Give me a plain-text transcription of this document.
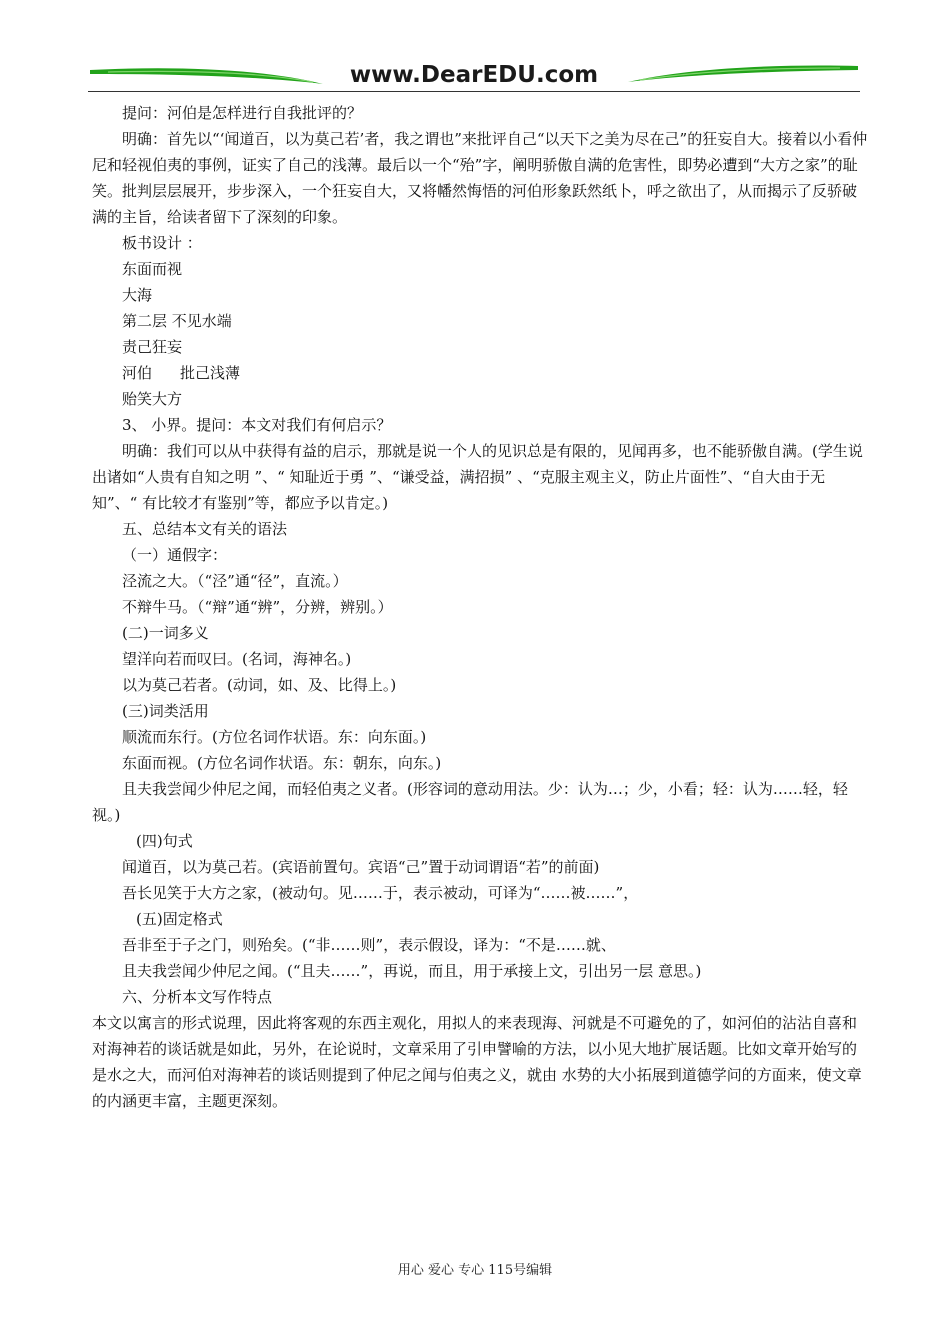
www.DearEDU.com

提问：河伯是怎样进行自我批评的？

明确：首先以“‘闻道百，以为莫己若’者，我之谓也”来批评自己“以天下之美为尽在己”的狂妄自大。接着以小看仲尼和轻视伯夷的事例，证实了自己的浅薄。最后以一个“殆”字，阐明骄傲自满的危害性，即势必遭到“大方之家”的耻笑。批判层层展开，步步深入，一个狂妄自大，又将幡然悔悟的河伯形象跃然纸卜，呼之欲出了，从而揭示了反骄破满的主旨，给读者留下了深刻的印象。

板书设计 ：

东面而视

大海

第二层 不见水端

责己狂妄

河伯 批己浅薄

贻笑大方

3、 小界。提问：本文对我们有何启示？

明确：我们可以从中获得有益的启示，那就是说一个人的见识总是有限的，见闻再多，也不能骄傲自满。(学生说出诸如“人贵有自知之明 ”、“ 知耻近于勇 ”、“谦受益，满招损” 、“克服主观主义，防止片面性”、“自大由于无知”、“ 有比较才有鉴别”等，都应予以肯定。)

五、总结本文有关的语法

（一）通假字：

泾流之大。（“泾”通“径”，直流。）

不辩牛马。（“辩”通“辨”，分辨，辨别。）

(二)一词多义

望洋向若而叹曰。(名词，海神名。)

以为莫己若者。(动词，如、及、比得上。)

(三)词类活用

顺流而东行。(方位名词作状语。东：向东面。)

东面而视。(方位名词作状语。东：朝东，向东。)

且夫我尝闻少仲尼之闻，而轻伯夷之义者。(形容词的意动用法。少：认为…；少，小看；轻：认为……轻，轻视。)

(四)句式

闻道百，以为莫己若。(宾语前置句。宾语“己”置于动词谓语“若”的前面)

吾长见笑于大方之家，(被动句。见……于，表示被动，可译为“……被……”，

(五)固定格式

吾非至于子之门，则殆矣。(“非……则”，表示假设，译为：“不是……就、

且夫我尝闻少仲尼之闻。(“且夫……”，再说，而且，用于承接上文，引出另一层 意思。)

六、分析本文写作特点

本文以寓言的形式说理，因此将客观的东西主观化，用拟人的来表现海、河就是不可避免的了，如河伯的沾沾自喜和对海神若的谈话就是如此，另外，在论说时，文章采用了引申譬喻的方法，以小见大地扩展话题。比如文章开始写的是水之大，而河伯对海神若的谈话则提到了仲尼之闻与伯夷之义，就由 水势的大小拓展到道德学问的方面来，使文章的内涵更丰富，主题更深刻。

用心 爱心 专心 115号编辑
